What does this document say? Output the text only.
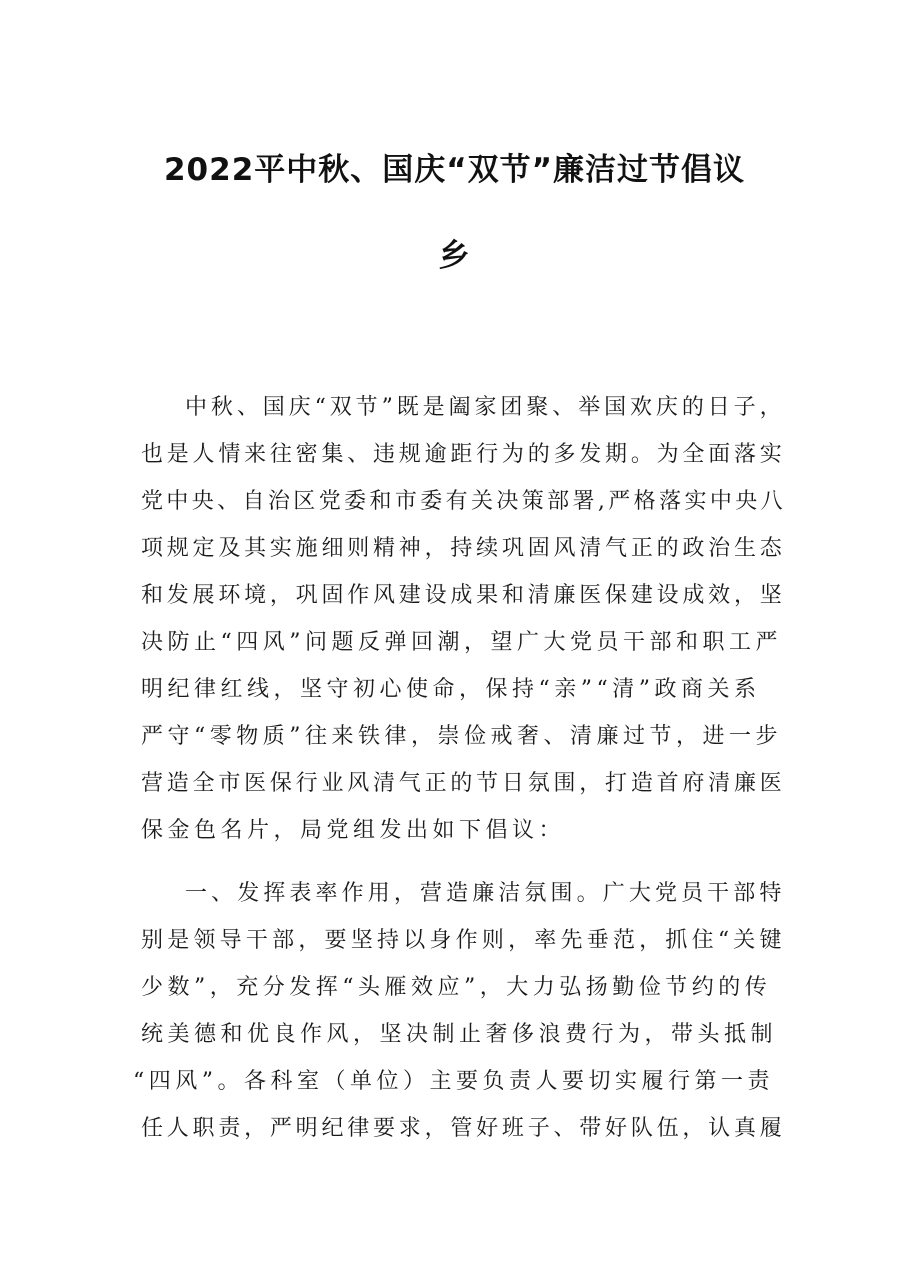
2022平中秋、国庆“双节”廉洁过节倡议
乡
中秋、国庆“双节”既是阖家团聚、举国欢庆的日子，
也是人情来往密集、违规逾距行为的多发期。为全面落实
党中央、自治区党委和市委有关决策部署,严格落实中央八
项规定及其实施细则精神，持续巩固风清气正的政治生态
和发展环境，巩固作风建设成果和清廉医保建设成效，坚
决防止“四风”问题反弹回潮，望广大党员干部和职工严
明纪律红线，坚守初心使命，保持“亲”“清”政商关系
严守“零物质”往来铁律，崇俭戒奢、清廉过节，进一步
营造全市医保行业风清气正的节日氛围，打造首府清廉医
保金色名片，局党组发出如下倡议：
一、发挥表率作用，营造廉洁氛围。广大党员干部特
别是领导干部，要坚持以身作则，率先垂范，抓住“关键
少数”，充分发挥“头雁效应”，大力弘扬勤俭节约的传
统美德和优良作风，坚决制止奢侈浪费行为，带头抵制
“四风”。各科室（单位）主要负责人要切实履行第一责
任人职责，严明纪律要求，管好班子、带好队伍，认真履
